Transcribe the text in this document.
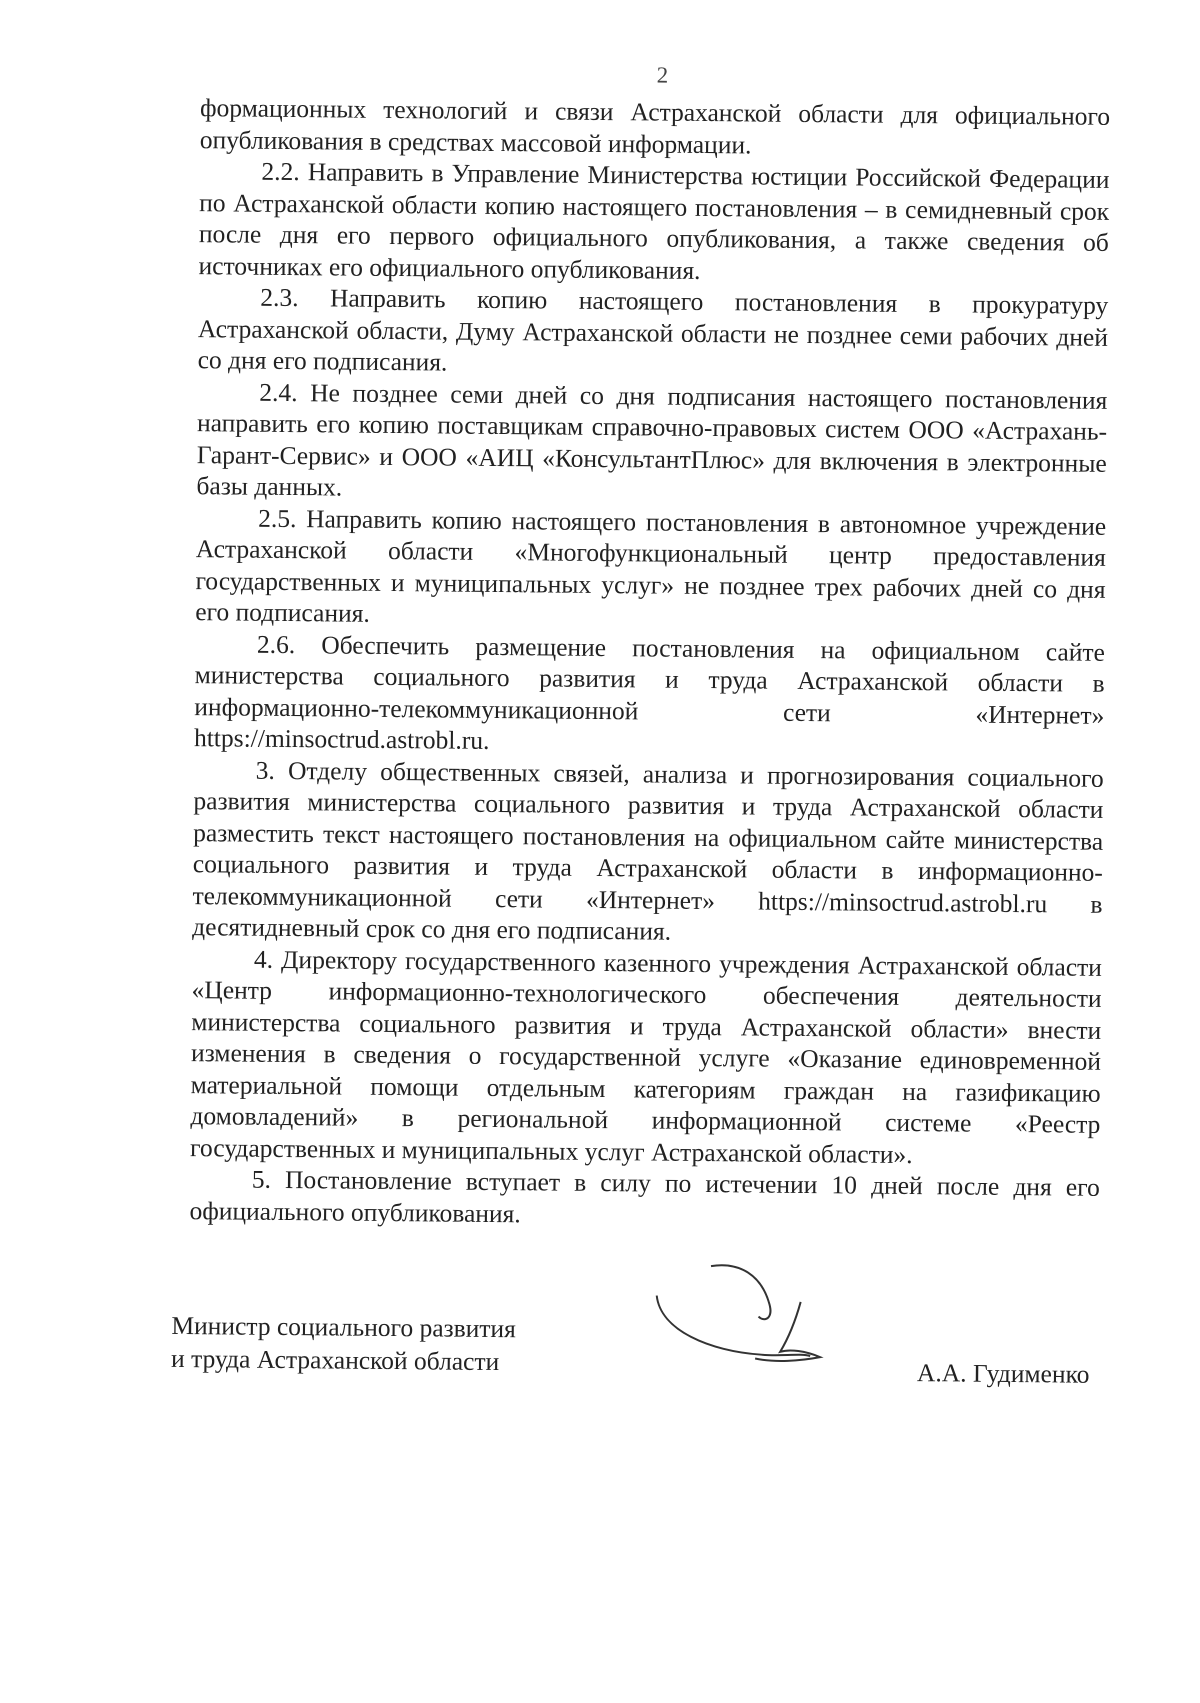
2

формационных технологий и связи Астраханской области для официального опубликования в средствах массовой информации.

2.2. Направить в Управление Министерства юстиции Российской Федерации по Астраханской области копию настоящего постановления – в семидневный срок после дня его первого официального опубликования, а также сведения об источниках его официального опубликования.

2.3. Направить копию настоящего постановления в прокуратуру Астраханской области, Думу Астраханской области не позднее семи рабочих дней со дня его подписания.

2.4. Не позднее семи дней со дня подписания настоящего постановления направить его копию поставщикам справочно-правовых систем ООО «Астрахань-Гарант-Сервис» и ООО «АИЦ «КонсультантПлюс» для включения в электронные базы данных.

2.5. Направить копию настоящего постановления в автономное учреждение Астраханской области «Многофункциональный центр предоставления государственных и муниципальных услуг» не позднее трех рабочих дней со дня его подписания.

2.6. Обеспечить размещение постановления на официальном сайте министерства социального развития и труда Астраханской области в информационно-телекоммуникационной сети «Интернет» https://minsoctrud.astrobl.ru.

3. Отделу общественных связей, анализа и прогнозирования социального развития министерства социального развития и труда Астраханской области разместить текст настоящего постановления на официальном сайте министерства социального развития и труда Астраханской области в информационно-телекоммуникационной сети «Интернет» https://minsoctrud.astrobl.ru в десятидневный срок со дня его подписания.

4. Директору государственного казенного учреждения Астраханской области «Центр информационно-технологического обеспечения деятельности министерства социального развития и труда Астраханской области» внести изменения в сведения о государственной услуге «Оказание единовременной материальной помощи отдельным категориям граждан на газификацию домовладений» в региональной информационной системе «Реестр государственных и муниципальных услуг Астраханской области».

5. Постановление вступает в силу по истечении 10 дней после дня его официального опубликования.

Министр социального развития
и труда Астраханской области	А.А. Гудименко
